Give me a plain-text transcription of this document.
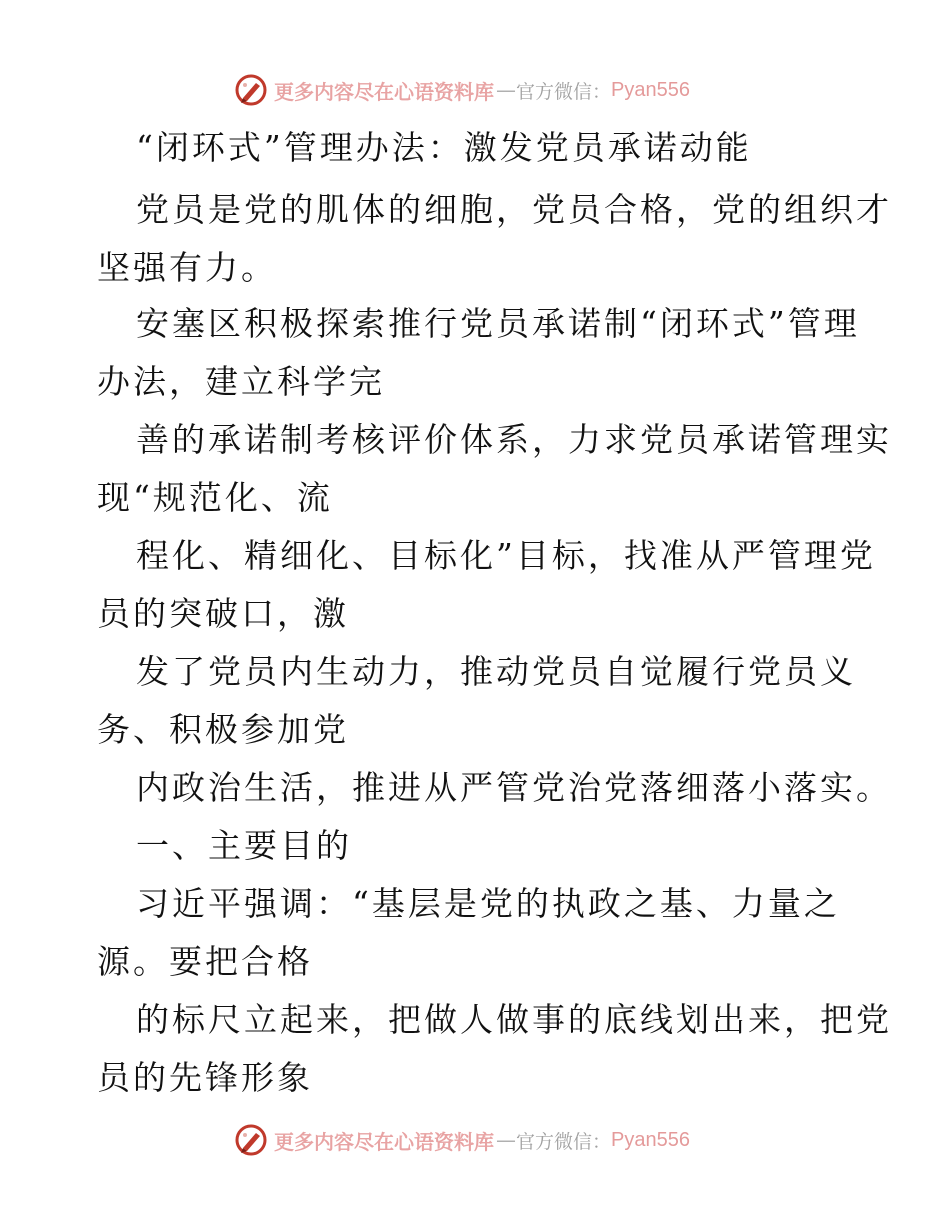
更多内容尽在心语资料库 — 官方微信： Pyan556
“闭环式”管理办法：激发党员承诺动能
党员是党的肌体的细胞，党员合格，党的组织才
坚强有力。
安塞区积极探索推行党员承诺制“闭环式”管理
办法，建立科学完
善的承诺制考核评价体系，力求党员承诺管理实
现“规范化、流
程化、精细化、目标化”目标，找准从严管理党
员的突破口，激
发了党员内生动力，推动党员自觉履行党员义
务、积极参加党
内政治生活，推进从严管党治党落细落小落实。
一、主要目的
习近平强调：“基层是党的执政之基、力量之
源。要把合格
的标尺立起来，把做人做事的底线划出来，把党
员的先锋形象
更多内容尽在心语资料库 — 官方微信： Pyan556
